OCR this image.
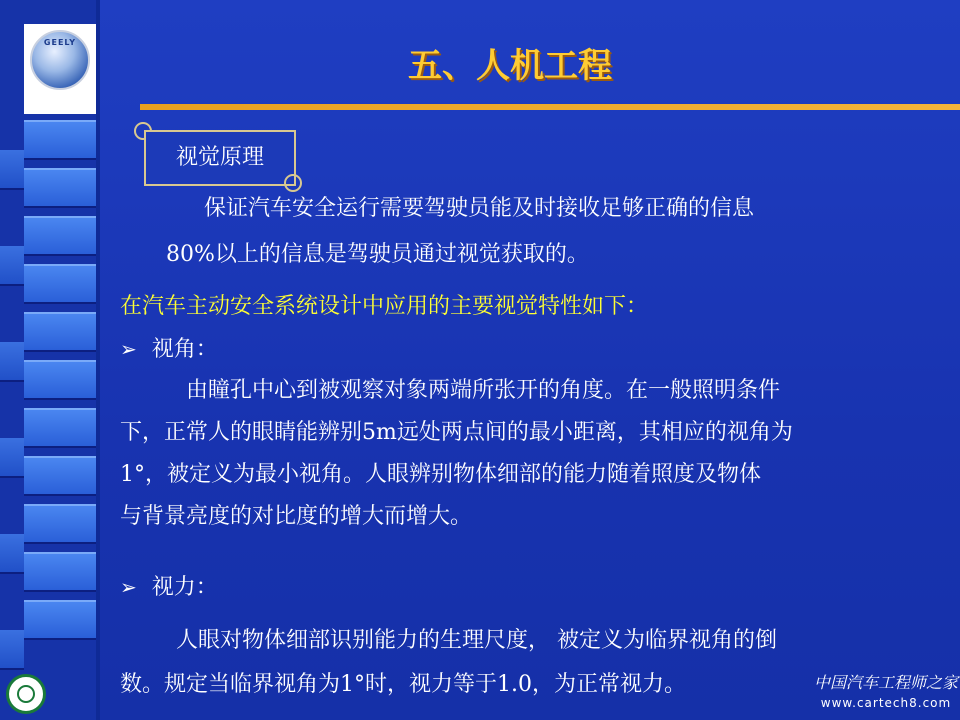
GEELY
五、人机工程
视觉原理
保证汽车安全运行需要驾驶员能及时接收足够正确的信息
80%以上的信息是驾驶员通过视觉获取的。
在汽车主动安全系统设计中应用的主要视觉特性如下：
➢ 视角：
由瞳孔中心到被观察对象两端所张开的角度。在一般照明条件
下，正常人的眼睛能辨别5m远处两点间的最小距离，其相应的视角为
1°，被定义为最小视角。人眼辨别物体细部的能力随着照度及物体
与背景亮度的对比度的增大而增大。
➢ 视力：
人眼对物体细部识别能力的生理尺度， 被定义为临界视角的倒
数。规定当临界视角为1°时，视力等于1.0，为正常视力。	中国汽车工程师之家
www.cartech8.com
